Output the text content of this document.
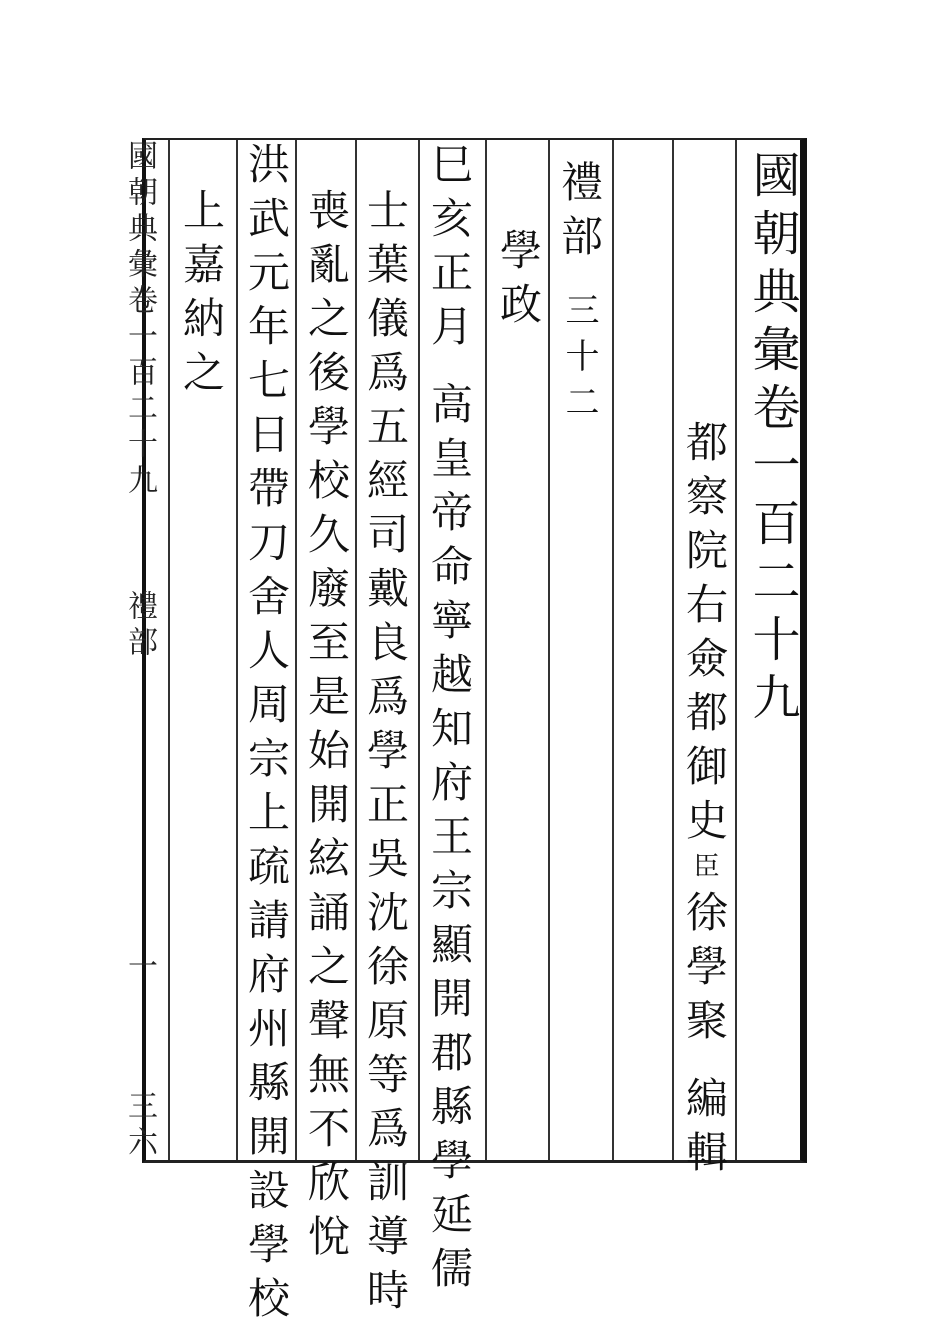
國朝典彙卷一百二十九
都察院右僉都御史臣徐學聚編輯
禮部三十二
學政
巳亥正月高皇帝命寧越知府王宗顯開郡縣學延儒
士葉儀爲五經司戴良爲學正吳沈徐原等爲訓導時
喪亂之後學校久廢至是始開絃誦之聲無不欣悅
洪武元年七日帶刀舍人周宗上疏請府州縣開設學校
上嘉納之
國朝典彙卷一百二十九
禮部
一
三六
